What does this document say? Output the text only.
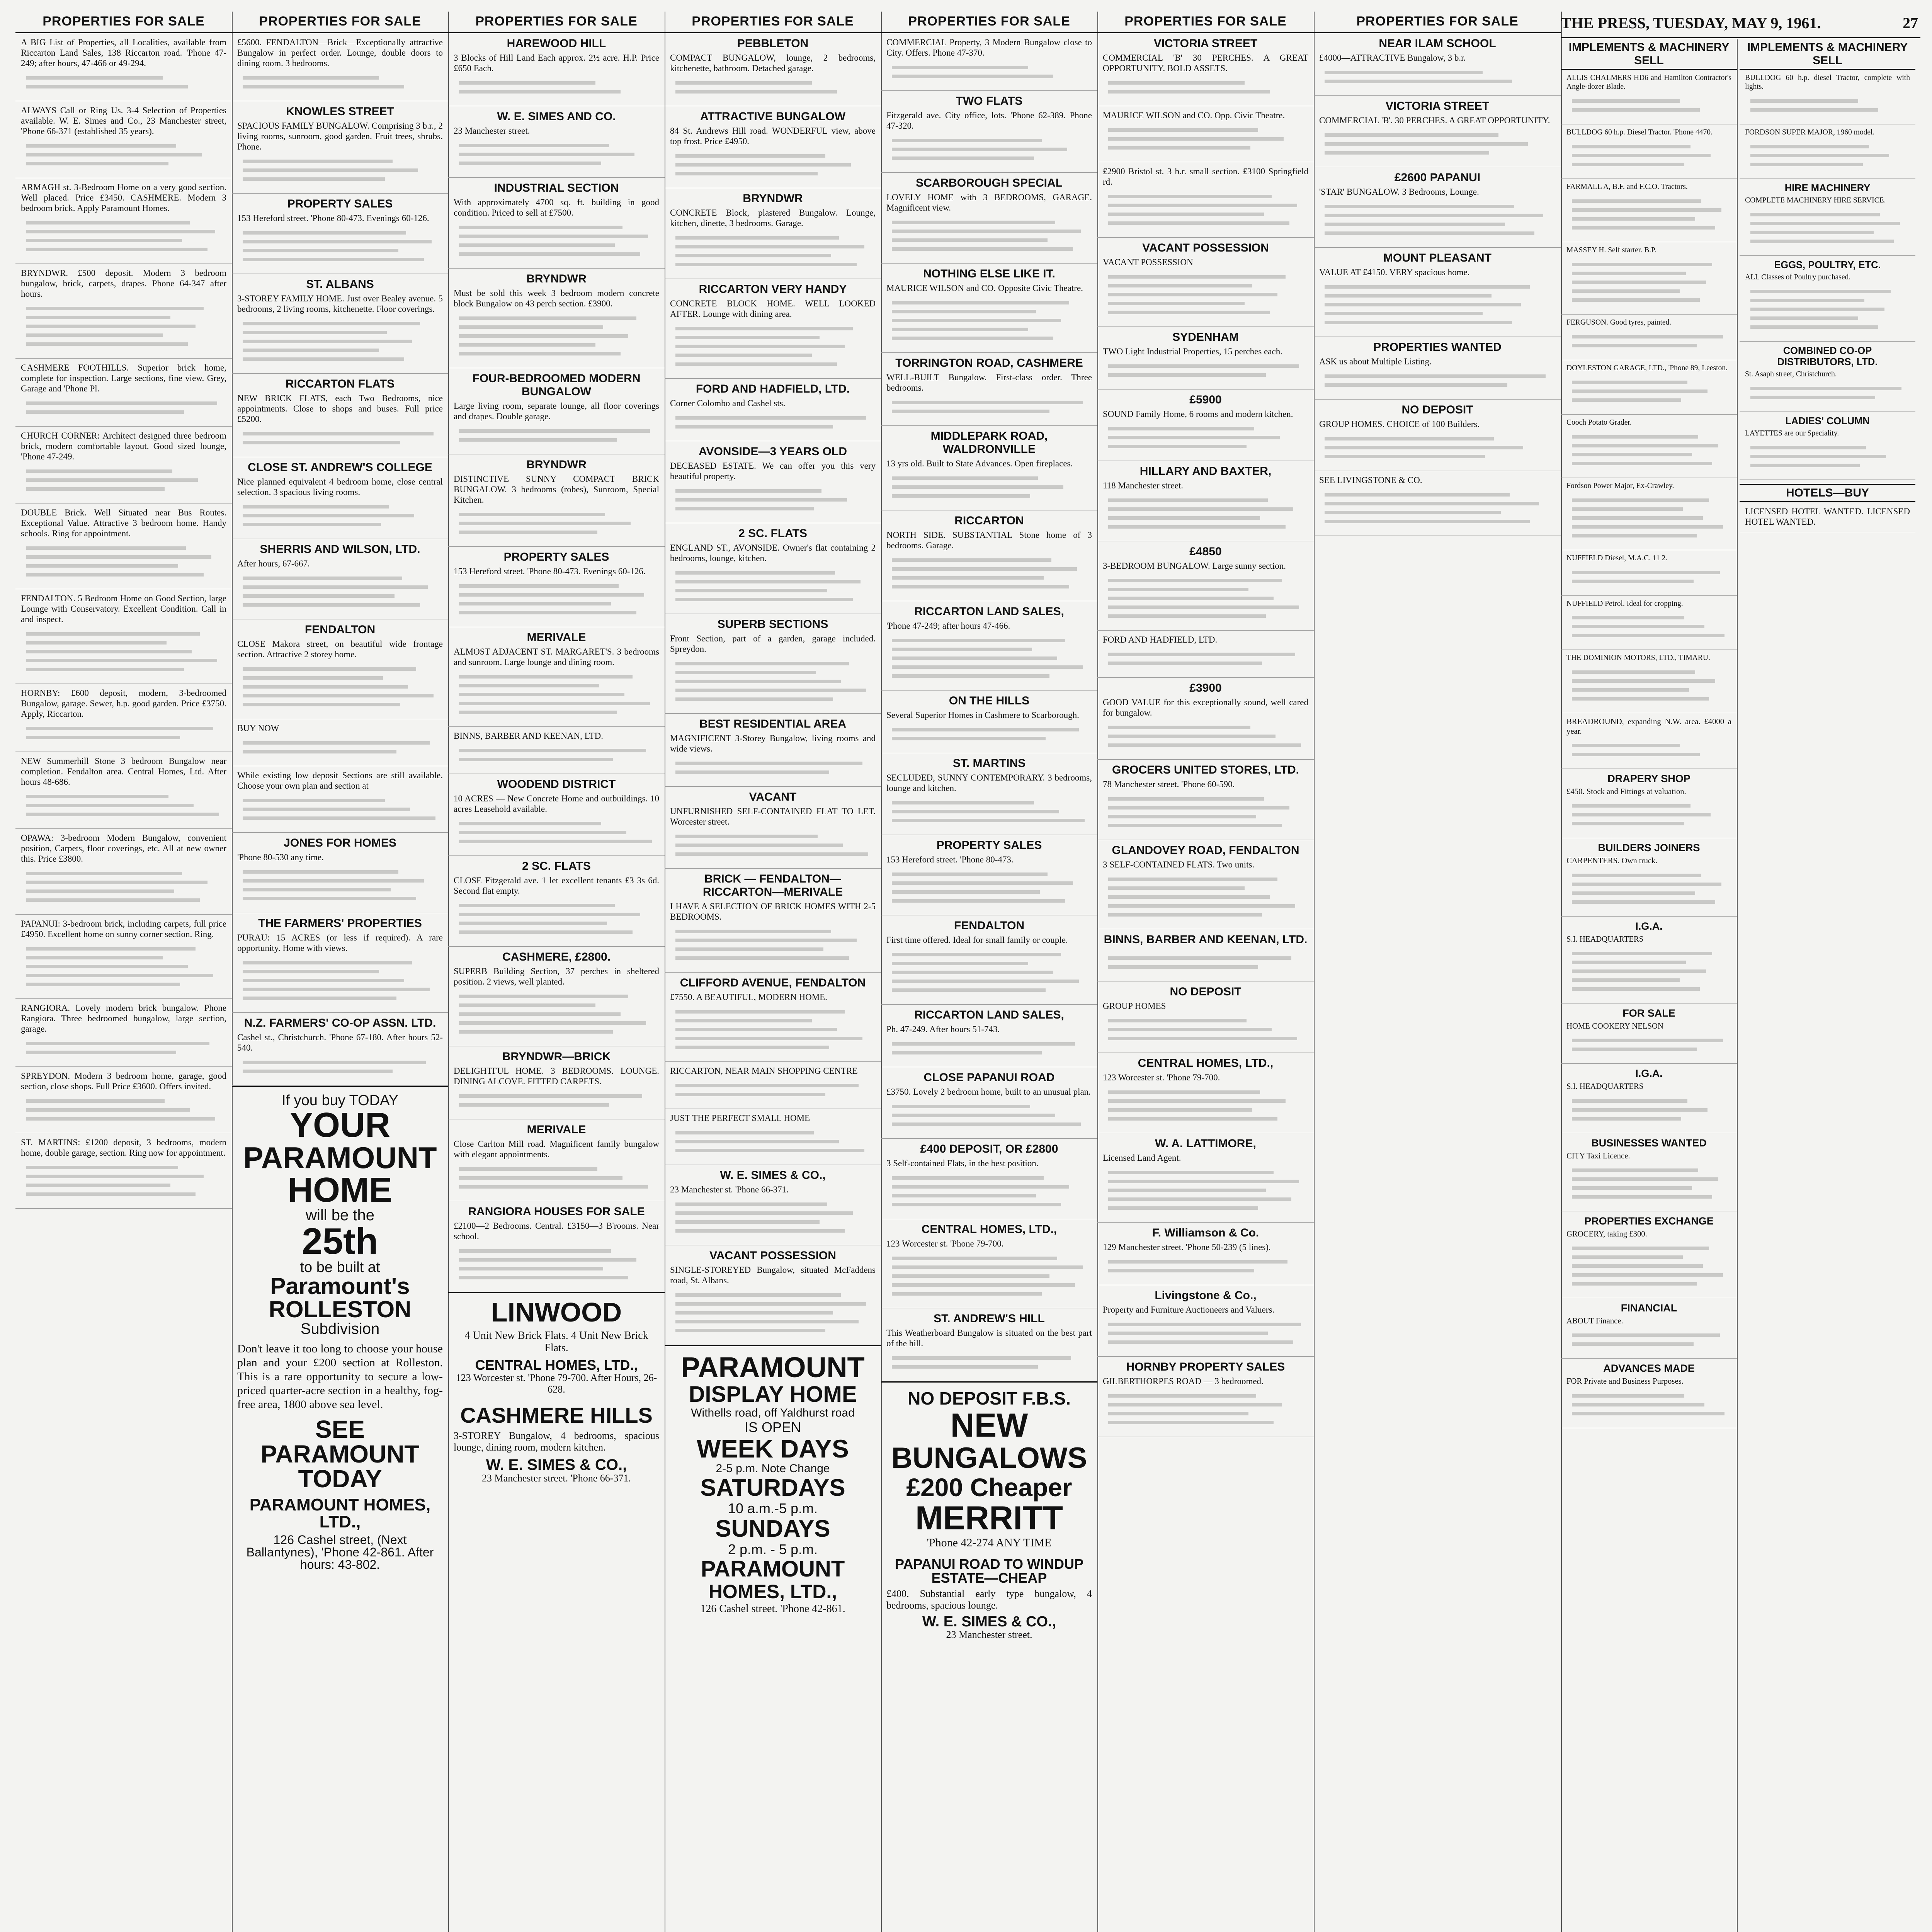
PROPERTIES FOR SALE
A BIG List of Properties, all Localities, available from Riccarton Land Sales, 138 Riccarton road. 'Phone 47-249; after hours, 47-466 or 49-294.
ALWAYS Call or Ring Us. 3-4 Selection of Properties available. W. E. Simes and Co., 23 Manchester street, 'Phone 66-371 (established 35 years).
ARMAGH st. 3-Bedroom Home on a very good section. Well placed. Price £3450. CASHMERE. Modern 3 bedroom brick. Apply Paramount Homes.
BRYNDWR. £500 deposit. Modern 3 bedroom bungalow, brick, carpets, drapes. Phone 64-347 after hours.
CASHMERE FOOTHILLS. Superior brick home, complete for inspection. Large sections, fine view. Grey, Garage and 'Phone Pl.
CHURCH CORNER: Architect designed three bedroom brick, modern comfortable layout. Good sized lounge, 'Phone 47-249.
DOUBLE Brick. Well Situated near Bus Routes. Exceptional Value. Attractive 3 bedroom home. Handy schools. Ring for appointment.
FENDALTON. 5 Bedroom Home on Good Section, large Lounge with Conservatory. Excellent Condition. Call in and inspect.
HORNBY: £600 deposit, modern, 3-bedroomed Bungalow, garage. Sewer, h.p. good garden. Price £3750. Apply, Riccarton.
NEW Summerhill Stone 3 bedroom Bungalow near completion. Fendalton area. Central Homes, Ltd. After hours 48-686.
OPAWA: 3-bedroom Modern Bungalow, convenient position, Carpets, floor coverings, etc. All at new owner this. Price £3800.
PAPANUI: 3-bedroom brick, including carpets, full price £4950. Excellent home on sunny corner section. Ring.
RANGIORA. Lovely modern brick bungalow. Phone Rangiora. Three bedroomed bungalow, large section, garage.
SPREYDON. Modern 3 bedroom home, garage, good section, close shops. Full Price £3600. Offers invited.
ST. MARTINS: £1200 deposit, 3 bedrooms, modern home, double garage, section. Ring now for appointment.
PROPERTIES FOR SALE
£5600. FENDALTON—Brick—Exceptionally attractive Bungalow in perfect order. Lounge, double doors to dining room. 3 bedrooms.
KNOWLES STREET
SPACIOUS FAMILY BUNGALOW. Comprising 3 b.r., 2 living rooms, sunroom, good garden. Fruit trees, shrubs. Phone.
PROPERTY SALES
153 Hereford street. 'Phone 80-473. Evenings 60-126.
ST. ALBANS
3-STOREY FAMILY HOME. Just over Bealey avenue. 5 bedrooms, 2 living rooms, kitchenette. Floor coverings.
RICCARTON FLATS
NEW BRICK FLATS, each Two Bedrooms, nice appointments. Close to shops and buses. Full price £5200.
CLOSE ST. ANDREW'S COLLEGE
Nice planned equivalent 4 bedroom home, close central selection. 3 spacious living rooms.
SHERRIS AND WILSON, LTD.
After hours, 67-667.
FENDALTON
CLOSE Makora street, on beautiful wide frontage section. Attractive 2 storey home.
BUY NOW
While existing low deposit Sections are still available. Choose your own plan and section at
JONES FOR HOMES
'Phone 80-530 any time.
THE FARMERS' PROPERTIES
PURAU: 15 ACRES (or less if required). A rare opportunity. Home with views.
N.Z. FARMERS' CO-OP ASSN. LTD.
Cashel st., Christchurch. 'Phone 67-180. After hours 52-540.
If you buy TODAY
YOUR
PARAMOUNT
HOME
will be the
25th
to be built at
Paramount's
ROLLESTON
Subdivision
Don't leave it too long to choose your house plan and your £200 section at Rolleston. This is a rare opportunity to secure a low-priced quarter-acre section in a healthy, fog-free area, 1800 above sea level.
SEE
PARAMOUNT
TODAY
PARAMOUNT HOMES, LTD.,
126 Cashel street, (Next Ballantynes), 'Phone 42-861. After hours: 43-802.
PROPERTIES FOR SALE
HAREWOOD HILL
3 Blocks of Hill Land Each approx. 2½ acre. H.P. Price £650 Each.
W. E. SIMES AND CO.
23 Manchester street.
INDUSTRIAL SECTION
With approximately 4700 sq. ft. building in good condition. Priced to sell at £7500.
BRYNDWR
Must be sold this week 3 bedroom modern concrete block Bungalow on 43 perch section. £3900.
FOUR-BEDROOMED MODERN BUNGALOW
Large living room, separate lounge, all floor coverings and drapes. Double garage.
BRYNDWR
DISTINCTIVE SUNNY COMPACT BRICK BUNGALOW. 3 bedrooms (robes), Sunroom, Special Kitchen.
PROPERTY SALES
153 Hereford street. 'Phone 80-473. Evenings 60-126.
MERIVALE
ALMOST ADJACENT ST. MARGARET'S. 3 bedrooms and sunroom. Large lounge and dining room.
BINNS, BARBER AND KEENAN, LTD.
WOODEND DISTRICT
10 ACRES — New Concrete Home and outbuildings. 10 acres Leasehold available.
2 SC. FLATS
CLOSE Fitzgerald ave. 1 let excellent tenants £3 3s 6d. Second flat empty.
CASHMERE, £2800.
SUPERB Building Section, 37 perches in sheltered position. 2 views, well planted.
BRYNDWR—BRICK
DELIGHTFUL HOME. 3 BEDROOMS. LOUNGE. DINING ALCOVE. FITTED CARPETS.
MERIVALE
Close Carlton Mill road. Magnificent family bungalow with elegant appointments.
RANGIORA HOUSES FOR SALE
£2100—2 Bedrooms. Central. £3150—3 B'rooms. Near school.
LINWOOD
4 Unit New Brick Flats. 4 Unit New Brick Flats.
CENTRAL HOMES, LTD.,
123 Worcester st. 'Phone 79-700. After Hours, 26-628.
CASHMERE HILLS
3-STOREY Bungalow, 4 bedrooms, spacious lounge, dining room, modern kitchen.
W. E. SIMES & CO.,
23 Manchester street. 'Phone 66-371.
PROPERTIES FOR SALE
PEBBLETON
COMPACT BUNGALOW, lounge, 2 bedrooms, kitchenette, bathroom. Detached garage.
ATTRACTIVE BUNGALOW
84 St. Andrews Hill road. WONDERFUL view, above top frost. Price £4950.
BRYNDWR
CONCRETE Block, plastered Bungalow. Lounge, kitchen, dinette, 3 bedrooms. Garage.
RICCARTON VERY HANDY
CONCRETE BLOCK HOME. WELL LOOKED AFTER. Lounge with dining area.
FORD AND HADFIELD, LTD.
Corner Colombo and Cashel sts.
AVONSIDE—3 YEARS OLD
DECEASED ESTATE. We can offer you this very beautiful property.
2 SC. FLATS
ENGLAND ST., AVONSIDE. Owner's flat containing 2 bedrooms, lounge, kitchen.
SUPERB SECTIONS
Front Section, part of a garden, garage included. Spreydon.
BEST RESIDENTIAL AREA
MAGNIFICENT 3-Storey Bungalow, living rooms and wide views.
VACANT
UNFURNISHED SELF-CONTAINED FLAT TO LET. Worcester street.
BRICK — FENDALTON—RICCARTON—MERIVALE
I HAVE A SELECTION OF BRICK HOMES WITH 2-5 BEDROOMS.
CLIFFORD AVENUE, FENDALTON
£7550. A BEAUTIFUL, MODERN HOME.
RICCARTON, NEAR MAIN SHOPPING CENTRE
JUST THE PERFECT SMALL HOME
W. E. SIMES & CO.,
23 Manchester st. 'Phone 66-371.
VACANT POSSESSION
SINGLE-STOREYED Bungalow, situated McFaddens road, St. Albans.
PARAMOUNT
DISPLAY HOME
Withells road, off Yaldhurst road
IS OPEN
WEEK DAYS
2-5 p.m. Note Change
SATURDAYS
10 a.m.-5 p.m.
SUNDAYS
2 p.m. - 5 p.m.
PARAMOUNT
HOMES, LTD.,
126 Cashel street. 'Phone 42-861.
PROPERTIES FOR SALE
COMMERCIAL Property, 3 Modern Bungalow close to City. Offers. Phone 47-370.
TWO FLATS
Fitzgerald ave. City office, lots. 'Phone 62-389. Phone 47-320.
SCARBOROUGH SPECIAL
LOVELY HOME with 3 BEDROOMS, GARAGE. Magnificent view.
NOTHING ELSE LIKE IT.
MAURICE WILSON and CO. Opposite Civic Theatre.
TORRINGTON ROAD, CASHMERE
WELL-BUILT Bungalow. First-class order. Three bedrooms.
MIDDLEPARK ROAD, WALDRONVILLE
13 yrs old. Built to State Advances. Open fireplaces.
RICCARTON
NORTH SIDE. SUBSTANTIAL Stone home of 3 bedrooms. Garage.
RICCARTON LAND SALES,
'Phone 47-249; after hours 47-466.
ON THE HILLS
Several Superior Homes in Cashmere to Scarborough.
ST. MARTINS
SECLUDED, SUNNY CONTEMPORARY. 3 bedrooms, lounge and kitchen.
PROPERTY SALES
153 Hereford street. 'Phone 80-473.
FENDALTON
First time offered. Ideal for small family or couple.
RICCARTON LAND SALES,
Ph. 47-249. After hours 51-743.
CLOSE PAPANUI ROAD
£3750. Lovely 2 bedroom home, built to an unusual plan.
£400 DEPOSIT, OR £2800
3 Self-contained Flats, in the best position.
CENTRAL HOMES, LTD.,
123 Worcester st. 'Phone 79-700.
ST. ANDREW'S HILL
This Weatherboard Bungalow is situated on the best part of the hill.
NO DEPOSIT F.B.S.
NEW
BUNGALOWS
£200 Cheaper
MERRITT
'Phone 42-274 ANY TIME
PAPANUI ROAD TO WINDUP ESTATE—CHEAP
£400. Substantial early type bungalow, 4 bedrooms, spacious lounge.
W. E. SIMES & CO.,
23 Manchester street.
PROPERTIES FOR SALE
VICTORIA STREET
COMMERCIAL 'B' 30 PERCHES. A GREAT OPPORTUNITY. BOLD ASSETS.
MAURICE WILSON and CO. Opp. Civic Theatre.
£2900 Bristol st. 3 b.r. small section. £3100 Springfield rd.
VACANT POSSESSION
VACANT POSSESSION
SYDENHAM
TWO Light Industrial Properties, 15 perches each.
£5900
SOUND Family Home, 6 rooms and modern kitchen.
HILLARY AND BAXTER,
118 Manchester street.
£4850
3-BEDROOM BUNGALOW. Large sunny section.
FORD AND HADFIELD, LTD.
£3900
GOOD VALUE for this exceptionally sound, well cared for bungalow.
GROCERS UNITED STORES, LTD.
78 Manchester street. 'Phone 60-590.
GLANDOVEY ROAD, FENDALTON
3 SELF-CONTAINED FLATS. Two units.
BINNS, BARBER AND KEENAN, LTD.
NO DEPOSIT
GROUP HOMES
CENTRAL HOMES, LTD.,
123 Worcester st. 'Phone 79-700.
W. A. LATTIMORE,
Licensed Land Agent.
F. Williamson & Co.
129 Manchester street. 'Phone 50-239 (5 lines).
Livingstone & Co.,
Property and Furniture Auctioneers and Valuers.
HORNBY PROPERTY SALES
GILBERTHORPES ROAD — 3 bedroomed.
PROPERTIES FOR SALE
NEAR ILAM SCHOOL
£4000—ATTRACTIVE Bungalow, 3 b.r.
VICTORIA STREET
COMMERCIAL 'B'. 30 PERCHES. A GREAT OPPORTUNITY.
£2600 PAPANUI
'STAR' BUNGALOW. 3 Bedrooms, Lounge.
MOUNT PLEASANT
VALUE AT £4150. VERY spacious home.
PROPERTIES WANTED
ASK us about Multiple Listing.
NO DEPOSIT
GROUP HOMES. CHOICE of 100 Builders.
SEE LIVINGSTONE & CO.
THE PRESS, TUESDAY, MAY 9, 1961.	27
IMPLEMENTS & MACHINERY SELL
ALLIS CHALMERS HD6 and Hamilton Contractor's Angle-dozer Blade.
BULLDOG 60 h.p. Diesel Tractor. 'Phone 4470.
FARMALL A, B.F. and F.C.O. Tractors.
MASSEY H. Self starter. B.P.
FERGUSON. Good tyres, painted.
DOYLESTON GARAGE, LTD., 'Phone 89, Leeston.
Cooch Potato Grader.
Fordson Power Major, Ex-Crawley.
NUFFIELD Diesel, M.A.C. 11 2.
NUFFIELD Petrol. Ideal for cropping.
THE DOMINION MOTORS, LTD., TIMARU.
BREADROUND, expanding N.W. area. £4000 a year.
DRAPERY SHOP
£450. Stock and Fittings at valuation.
BUILDERS JOINERS
CARPENTERS. Own truck.
I.G.A.
S.I. HEADQUARTERS
FOR SALE
HOME COOKERY NELSON
I.G.A.
S.I. HEADQUARTERS
BUSINESSES WANTED
CITY Taxi Licence.
PROPERTIES EXCHANGE
GROCERY, taking £300.
FINANCIAL
ABOUT Finance.
ADVANCES MADE
FOR Private and Business Purposes.
IMPLEMENTS & MACHINERY SELL
BULLDOG 60 h.p. diesel Tractor, complete with lights.
FORDSON SUPER MAJOR, 1960 model.
HIRE MACHINERY
COMPLETE MACHINERY HIRE SERVICE.
EGGS, POULTRY, ETC.
ALL Classes of Poultry purchased.
COMBINED CO-OP DISTRIBUTORS, LTD.
St. Asaph street, Christchurch.
LADIES' COLUMN
LAYETTES are our Speciality.
HOTELS—BUY
LICENSED HOTEL WANTED. LICENSED HOTEL WANTED.
